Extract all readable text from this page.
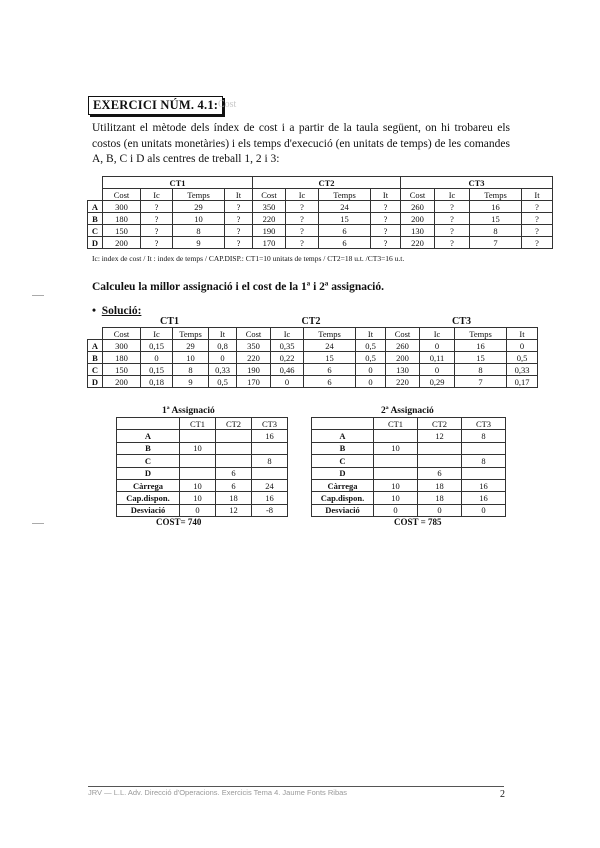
EXERCICI NÚM. 4.1: Cost
Utilitzant el mètode dels índex de cost i a partir de la taula següent, on hi trobareu els costos (en unitats monetàries) i els temps d'execució (en unitats de temps) de les comandes A, B, C i D als centres de treball 1, 2 i 3:
	CT1				CT2				CT3			
	Cost	Ic	Temps	It	Cost	Ic	Temps	It	Cost	Ic	Temps	It
A	300	?	29	?	350	?	24	?	260	?	16	?
B	180	?	10	?	220	?	15	?	200	?	15	?
C	150	?	8	?	190	?	6	?	130	?	8	?
D	200	?	9	?	170	?	6	?	220	?	7	?
Ic: index de cost / It : index de temps / CAP.DISP.: CT1=10 unitats de temps / CT2=18 u.t. /CT3=16 u.t.
Calculeu la millor assignació i el cost de la 1ª i 2ª assignació.
• Solució:
	CT1				CT2				CT3			
	Cost	Ic	Temps	It	Cost	Ic	Temps	It	Cost	Ic	Temps	It
A	300	0,15	29	0,8	350	0,35	24	0,5	260	0	16	0
B	180	0	10	0	220	0,22	15	0,5	200	0,11	15	0,5
C	150	0,15	8	0,33	190	0,46	6	0	130	0	8	0,33
D	200	0,18	9	0,5	170	0	6	0	220	0,29	7	0,17
1ª Assignació
	CT1	CT2	CT3
A			16
B	10		
C			8
D		6	
Càrrega	10	6	24
Cap.dispon.	10	18	16
Desviació	0	12	-8
COST= 740
2ª Assignació
	CT1	CT2	CT3
A		12	8
B	10		
C			8
D		6	
Càrrega	10	18	16
Cap.dispon.	10	18	16
Desviació	0	0	0
COST = 785
JRV — L.L. Adv. Direcció d'Operacions. Exercicis Tema 4. Jaume Fonts Ribas	2
